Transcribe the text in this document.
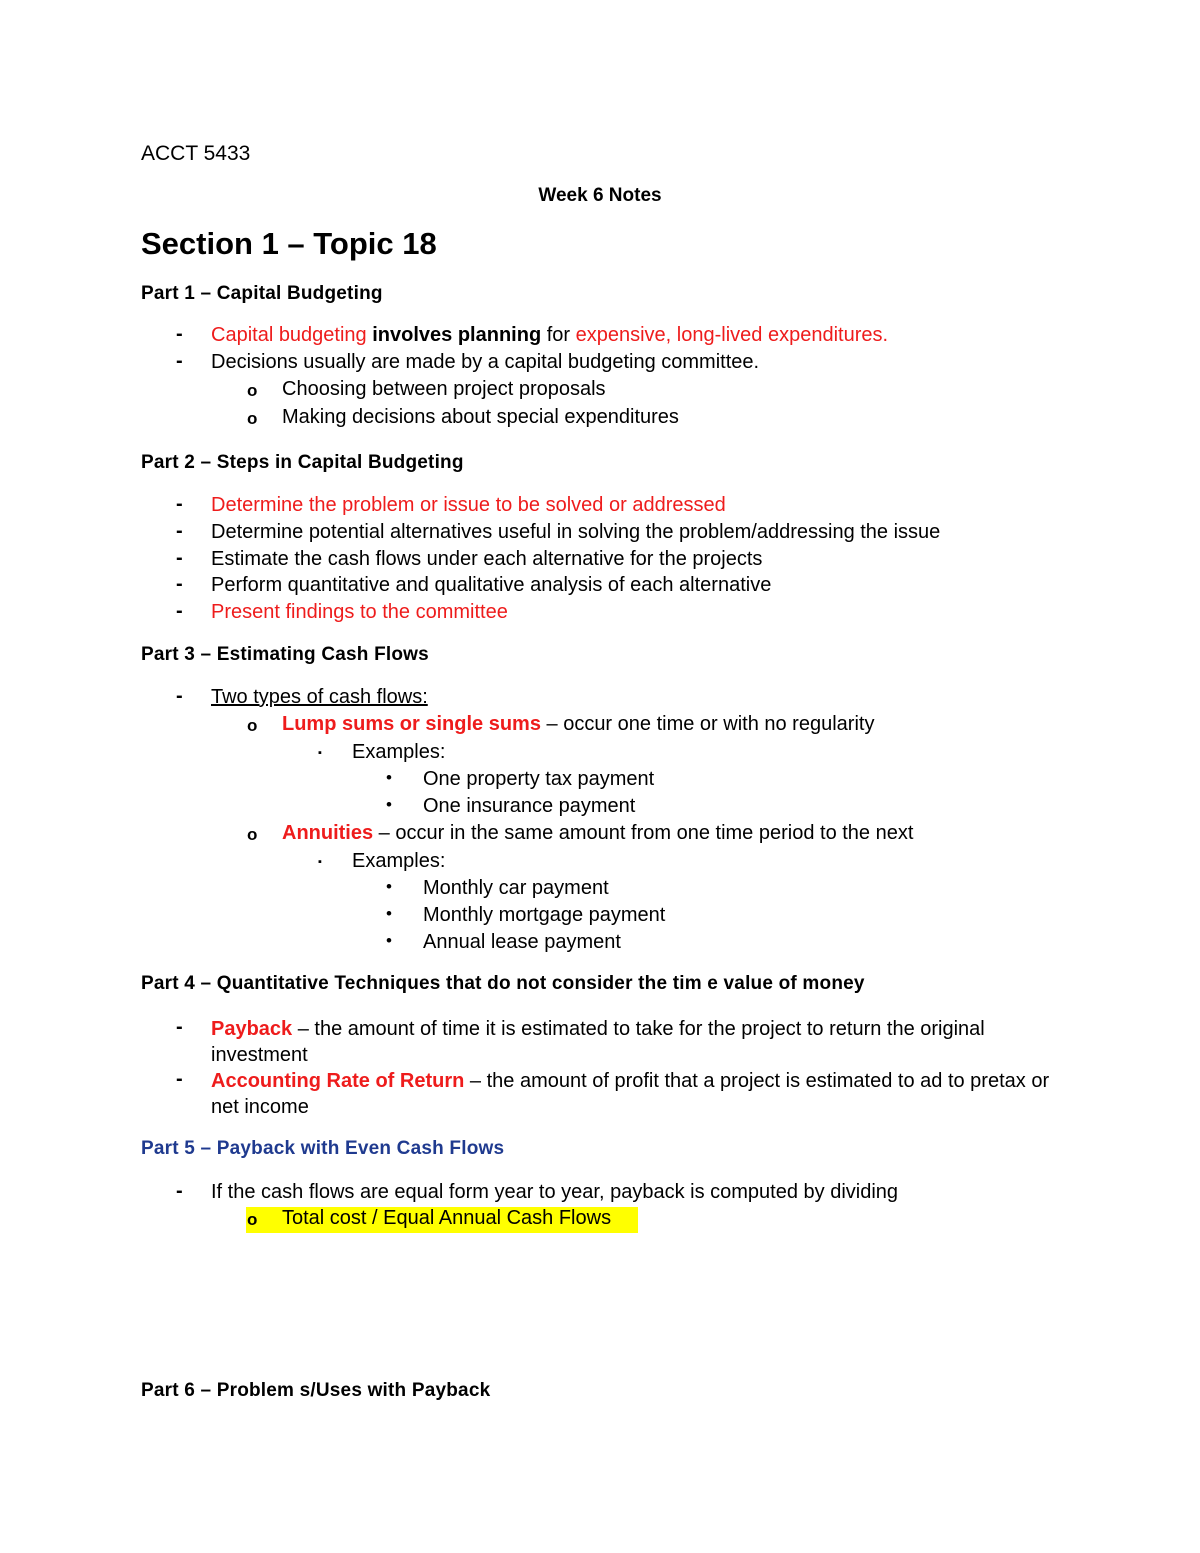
ACCT 5433
Week 6 Notes
Section 1 – Topic 18
Part 1 – Capital Budgeting
- Capital budgeting involves planning for expensive, long-lived expenditures.
- Decisions usually are made by a capital budgeting committee.
o Choosing between project proposals
o Making decisions about special expenditures
Part 2 – Steps in Capital Budgeting
- Determine the problem or issue to be solved or addressed
- Determine potential alternatives useful in solving the problem/addressing the issue
- Estimate the cash flows under each alternative for the projects
- Perform quantitative and qualitative analysis of each alternative
- Present findings to the committee
Part 3 – Estimating Cash Flows
- Two types of cash flows:
o Lump sums or single sums – occur one time or with no regularity
▪ Examples:
• One property tax payment
• One insurance payment
o Annuities – occur in the same amount from one time period to the next
▪ Examples:
• Monthly car payment
• Monthly mortgage payment
• Annual lease payment
Part 4 – Quantitative Techniques that do not consider the tim e value of money
- Payback – the amount of time it is estimated to take for the project to return the original investment
- Accounting Rate of Return – the amount of profit that a project is estimated to ad to pretax or net income
Part 5 – Payback with Even Cash Flows
- If the cash flows are equal form year to year, payback is computed by dividing
o Total cost / Equal Annual Cash Flows
Part 6 – Problem s/Uses with Payback
